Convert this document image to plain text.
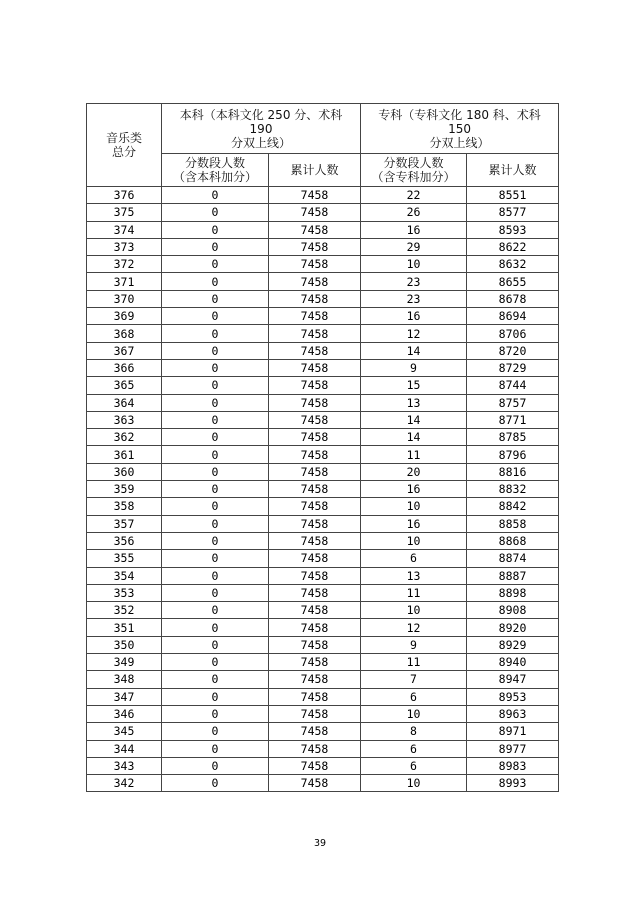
音乐类
总分	本科（本科文化 250 分、术科
190
分双上线）		专科（专科文化 180 科、术科
150
分双上线）	

	分数段人数
（含本科加分）	累计人数	分数段人数
（含专科加分）	累计人数

376	0	7458	22	8551
375	0	7458	26	8577
374	0	7458	16	8593
373	0	7458	29	8622
372	0	7458	10	8632
371	0	7458	23	8655
370	0	7458	23	8678
369	0	7458	16	8694
368	0	7458	12	8706
367	0	7458	14	8720
366	0	7458	9	8729
365	0	7458	15	8744
364	0	7458	13	8757
363	0	7458	14	8771
362	0	7458	14	8785
361	0	7458	11	8796
360	0	7458	20	8816
359	0	7458	16	8832
358	0	7458	10	8842
357	0	7458	16	8858
356	0	7458	10	8868
355	0	7458	6	8874
354	0	7458	13	8887
353	0	7458	11	8898
352	0	7458	10	8908
351	0	7458	12	8920
350	0	7458	9	8929
349	0	7458	11	8940
348	0	7458	7	8947
347	0	7458	6	8953
346	0	7458	10	8963
345	0	7458	8	8971
344	0	7458	6	8977
343	0	7458	6	8983
342	0	7458	10	8993
39
